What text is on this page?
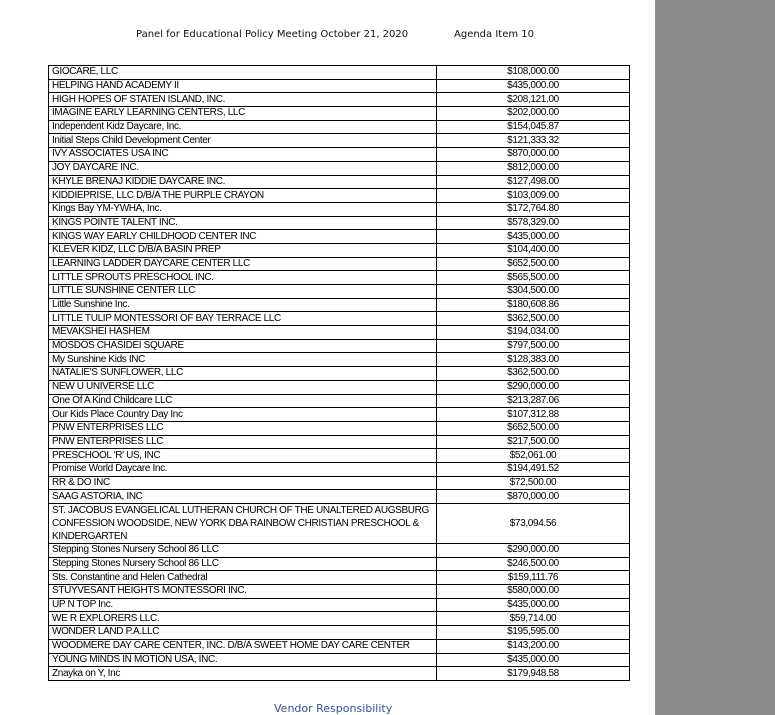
Panel for Educational Policy Meeting October 21, 2020	Agenda Item 10
GIOCARE, LLC	$108,000.00
HELPING HAND ACADEMY II	$435,000.00
HIGH HOPES OF STATEN ISLAND, INC.	$208,121.00
IMAGINE EARLY LEARNING CENTERS, LLC	$202,000.00
Independent Kidz Daycare, Inc.	$154,045.87
Initial Steps Child Development Center	$121,333.32
IVY ASSOCIATES USA INC	$870,000.00
JOY DAYCARE INC.	$812,000.00
KHYLE BRENAJ KIDDIE DAYCARE INC.	$127,498.00
KIDDIEPRISE, LLC D/B/A THE PURPLE CRAYON	$103,009.00
Kings Bay YM-YWHA, Inc.	$172,764.80
KINGS POINTE TALENT INC.	$578,329.00
KINGS WAY EARLY CHILDHOOD CENTER INC	$435,000.00
KLEVER KIDZ, LLC D/B/A BASIN PREP	$104,400.00
LEARNING LADDER DAYCARE CENTER LLC	$652,500.00
LITTLE SPROUTS PRESCHOOL INC.	$565,500.00
LITTLE SUNSHINE CENTER LLC	$304,500.00
Little Sunshine Inc.	$180,608.86
LITTLE TULIP MONTESSORI OF BAY TERRACE LLC	$362,500.00
MEVAKSHEI HASHEM	$194,034.00
MOSDOS CHASIDEI SQUARE	$797,500.00
My Sunshine Kids INC	$128,383.00
NATALIE'S SUNFLOWER, LLC	$362,500.00
NEW U UNIVERSE LLC	$290,000.00
One Of A Kind Childcare LLC	$213,287.06
Our Kids Place Country Day Inc	$107,312.88
PNW ENTERPRISES LLC	$652,500.00
PNW ENTERPRISES LLC	$217,500.00
PRESCHOOL 'R' US, INC	$52,061.00
Promise World Daycare Inc.	$194,491.52
RR & DO INC	$72,500.00
SAAG ASTORIA, INC	$870,000.00
ST. JACOBUS EVANGELICAL LUTHERAN CHURCH OF THE UNALTERED AUGSBURG CONFESSION WOODSIDE, NEW YORK DBA RAINBOW CHRISTIAN PRESCHOOL & KINDERGARTEN	$73,094.56
Stepping Stones Nursery School 86 LLC	$290,000.00
Stepping Stones Nursery School 86 LLC	$246,500.00
Sts. Constantine and Helen Cathedral	$159,111.76
STUYVESANT HEIGHTS MONTESSORI INC.	$580,000.00
UP N TOP Inc.	$435,000.00
WE R EXPLORERS LLC.	$59,714.00
WONDER LAND P.A.LLC	$195,595.00
WOODMERE DAY CARE CENTER, INC. D/B/A SWEET HOME DAY CARE CENTER	$143,200.00
YOUNG MINDS IN MOTION USA, INC.	$435,000.00
Znayka on Y, Inc	$179,948.58
Vendor Responsibility
